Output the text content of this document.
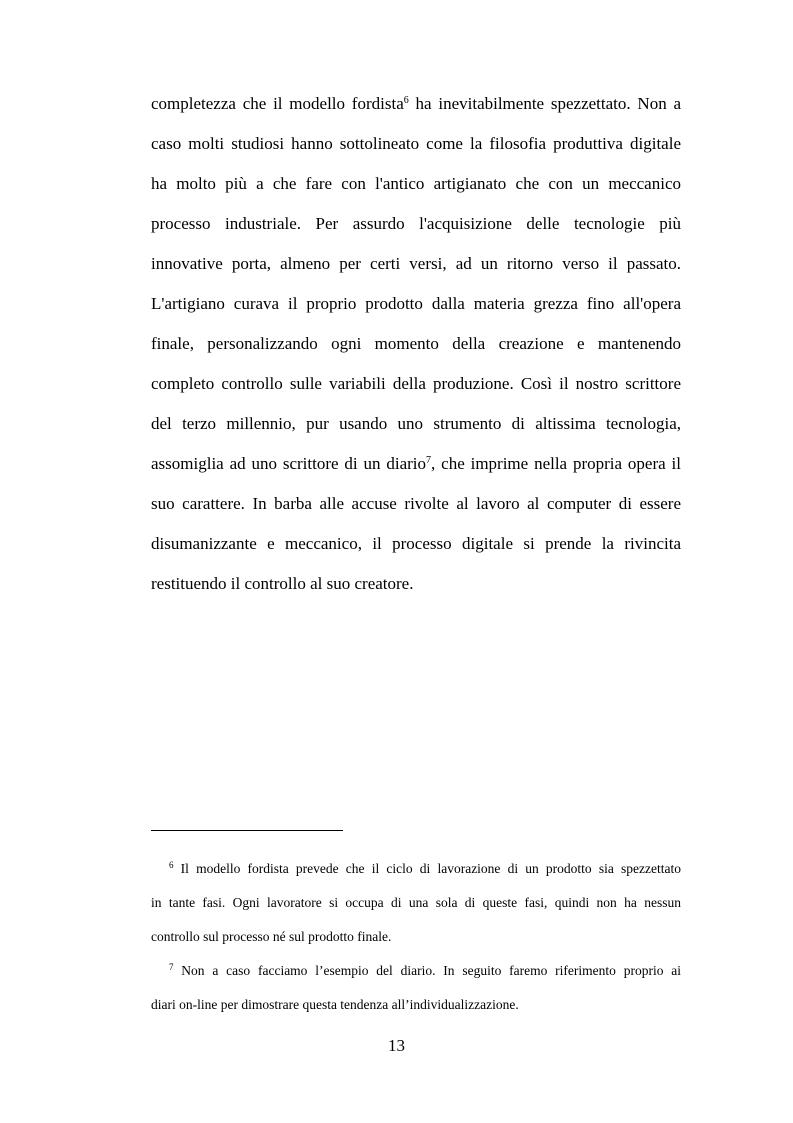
completezza che il modello fordista$^6$ ha inevitabilmente spezzettato. Non a
caso molti studiosi hanno sottolineato come la filosofia produttiva digitale
ha molto più a che fare con l'antico artigianato che con un meccanico
processo industriale. Per assurdo l'acquisizione delle tecnologie più
innovative porta, almeno per certi versi, ad un ritorno verso il passato.
L'artigiano curava il proprio prodotto dalla materia grezza fino all'opera
finale, personalizzando ogni momento della creazione e mantenendo
completo controllo sulle variabili della produzione. Così il nostro scrittore
del terzo millennio, pur usando uno strumento di altissima tecnologia,
assomiglia ad uno scrittore di un diario$^7$, che imprime nella propria opera il
suo carattere. In barba alle accuse rivolte al lavoro al computer di essere
disumanizzante e meccanico, il processo digitale si prende la rivincita
restituendo il controllo al suo creatore.
$^6$ Il modello fordista prevede che il ciclo di lavorazione di un prodotto sia spezzettato
in tante fasi. Ogni lavoratore si occupa di una sola di queste fasi, quindi non ha nessun
controllo sul processo né sul prodotto finale.
$^7$ Non a caso facciamo l’esempio del diario. In seguito faremo riferimento proprio ai
diari on-line per dimostrare questa tendenza all’individualizzazione.
13
